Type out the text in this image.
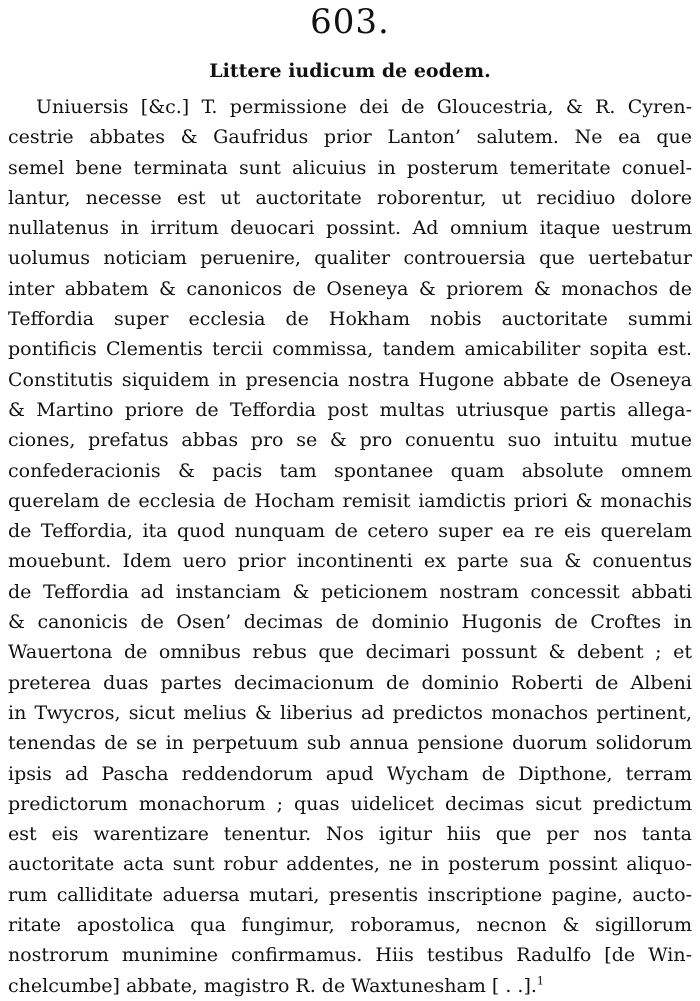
603.
Littere iudicum de eodem.
Uniuersis [&c.] T. permissione dei de Gloucestria, & R. Cyren-
cestrie abbates & Gaufridus prior Lanton’ salutem. Ne ea que
semel bene terminata sunt alicuius in posterum temeritate conuel-
lantur, necesse est ut auctoritate roborentur, ut recidiuo dolore
nullatenus in irritum deuocari possint. Ad omnium itaque uestrum
uolumus noticiam peruenire, qualiter controuersia que uertebatur
inter abbatem & canonicos de Oseneya & priorem & monachos de
Teffordia super ecclesia de Hokham nobis auctoritate summi
pontificis Clementis tercii commissa, tandem amicabiliter sopita est.
Constitutis siquidem in presencia nostra Hugone abbate de Oseneya
& Martino priore de Teffordia post multas utriusque partis allega-
ciones, prefatus abbas pro se & pro conuentu suo intuitu mutue
confederacionis & pacis tam spontanee quam absolute omnem
querelam de ecclesia de Hocham remisit iamdictis priori & monachis
de Teffordia, ita quod nunquam de cetero super ea re eis querelam
mouebunt. Idem uero prior incontinenti ex parte sua & conuentus
de Teffordia ad instanciam & peticionem nostram concessit abbati
& canonicis de Osen’ decimas de dominio Hugonis de Croftes in
Wauertona de omnibus rebus que decimari possunt & debent ; et
preterea duas partes decimacionum de dominio Roberti de Albeni
in Twycros, sicut melius & liberius ad predictos monachos pertinent,
tenendas de se in perpetuum sub annua pensione duorum solidorum
ipsis ad Pascha reddendorum apud Wycham de Dipthone, terram
predictorum monachorum ; quas uidelicet decimas sicut predictum
est eis warentizare tenentur. Nos igitur hiis que per nos tanta
auctoritate acta sunt robur addentes, ne in posterum possint aliquo-
rum calliditate aduersa mutari, presentis inscriptione pagine, aucto-
ritate apostolica qua fungimur, roboramus, necnon & sigillorum
nostrorum munimine confirmamus. Hiis testibus Radulfo [de Win-
chelcumbe] abbate, magistro R. de Waxtunesham [ . .].$^1$
